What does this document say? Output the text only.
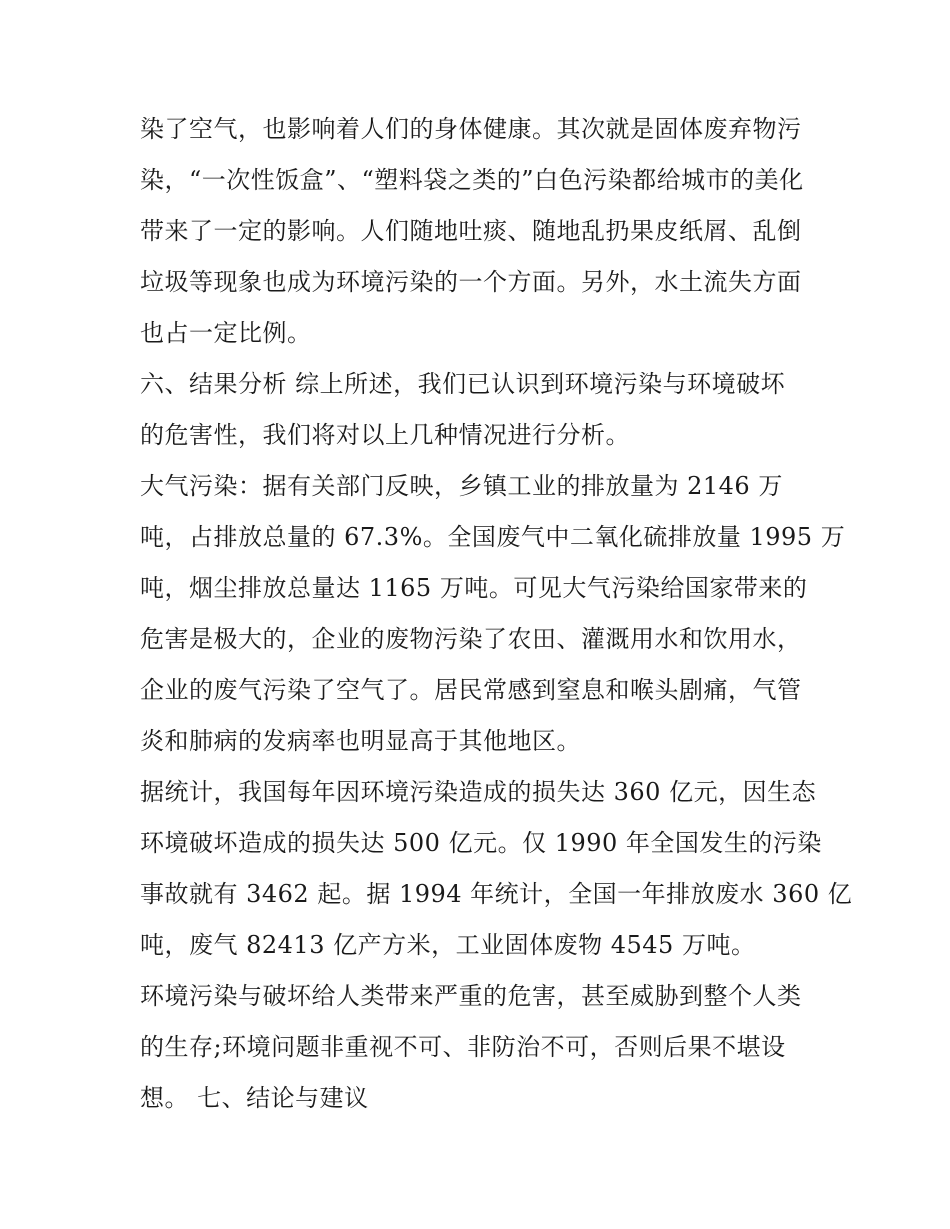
染了空气，也影响着人们的身体健康。其次就是固体废弃物污
染，“一次性饭盒”、“塑料袋之类的”白色污染都给城市的美化
带来了一定的影响。人们随地吐痰、随地乱扔果皮纸屑、乱倒
垃圾等现象也成为环境污染的一个方面。另外，水土流失方面
也占一定比例。
六、结果分析 综上所述，我们已认识到环境污染与环境破坏
的危害性，我们将对以上几种情况进行分析。
大气污染：据有关部门反映，乡镇工业的排放量为 2146 万
吨，占排放总量的 67.3%。全国废气中二氧化硫排放量 1995 万
吨，烟尘排放总量达 1165 万吨。可见大气污染给国家带来的
危害是极大的，企业的废物污染了农田、灌溉用水和饮用水，
企业的废气污染了空气了。居民常感到窒息和喉头剧痛，气管
炎和肺病的发病率也明显高于其他地区。
据统计，我国每年因环境污染造成的损失达 360 亿元，因生态
环境破坏造成的损失达 500 亿元。仅 1990 年全国发生的污染
事故就有 3462 起。据 1994 年统计，全国一年排放废水 360 亿
吨，废气 82413 亿产方米，工业固体废物 4545 万吨。
环境污染与破坏给人类带来严重的危害，甚至威胁到整个人类
的生存;环境问题非重视不可、非防治不可，否则后果不堪设
想。 七、结论与建议
